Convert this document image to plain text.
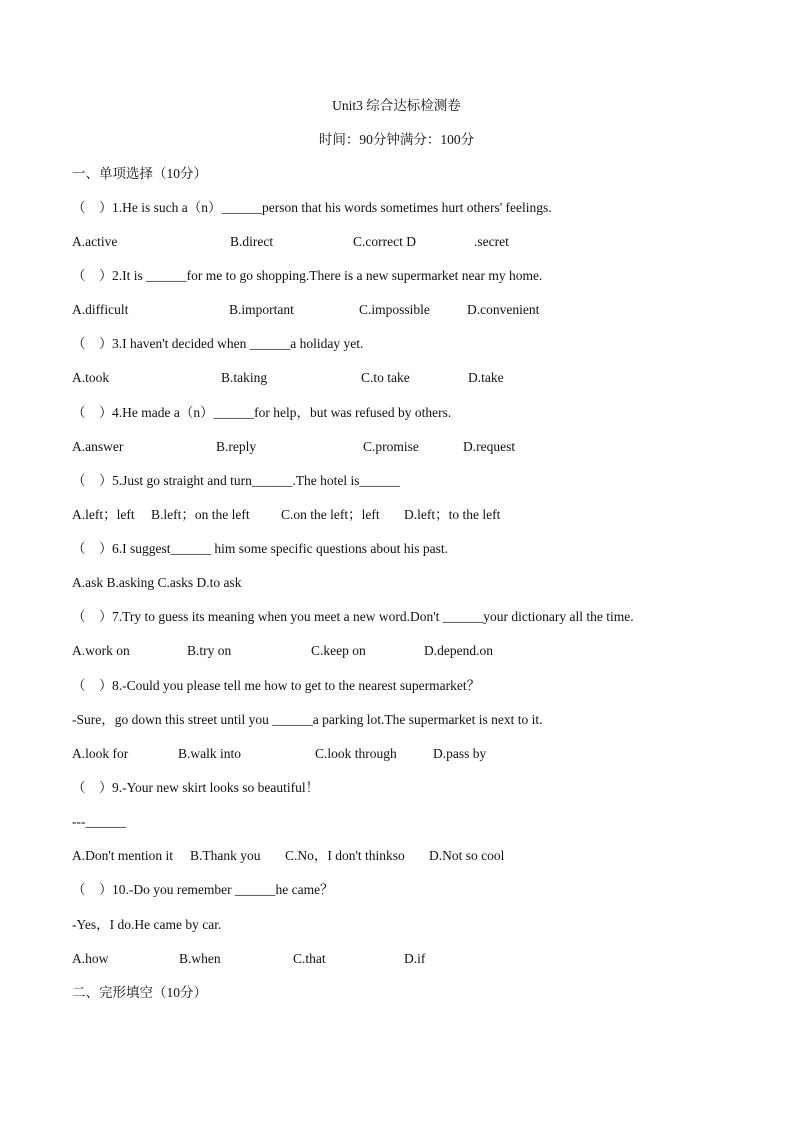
Unit3 综合达标检测卷
时间：90分钟满分：100分
一、单项选择（10分）
（　）1.He is such a（n）______person that his words sometimes hurt others' feelings.
A.active	B.direct	C.correct D	.secret
（　）2.It is ______for me to go shopping.There is a new supermarket near my home.
A.difficult	B.important	C.impossible	D.convenient
（　）3.I haven't decided when ______a holiday yet.
A.took	B.taking	C.to take	D.take
（　）4.He made a（n）______for help，but was refused by others.
A.answer	B.reply	C.promise	D.request
（　）5.Just go straight and turn______.The hotel is______
A.left；left B.left；on the left C.on the left；left D.left；to the left
（　）6.I suggest______ him some specific questions about his past.
A.ask B.asking C.asks D.to ask
（　）7.Try to guess its meaning when you meet a new word.Don't ______your dictionary all the time.
A.work on	B.try on	C.keep on	D.depend.on
（　）8.-Could you please tell me how to get to the nearest supermarket？
-Sure，go down this street until you ______a parking lot.The supermarket is next to it.
A.look for	B.walk into	C.look through	D.pass by
（　）9.-Your new skirt looks so beautiful！
---______
A.Don't mention it B.Thank you C.No，I don't thinkso D.Not so cool
（　）10.-Do you remember ______he came？
-Yes，I do.He came by car.
A.how	B.when	C.that	D.if
二、完形填空（10分）
